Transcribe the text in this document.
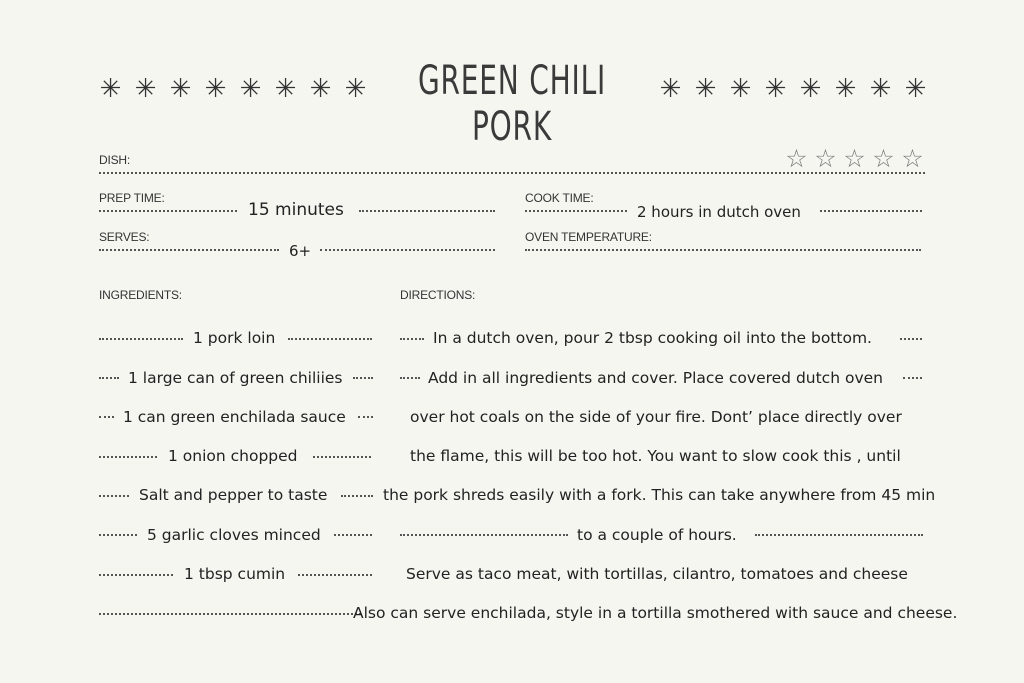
✳ ✳ ✳ ✳ ✳ ✳ ✳ ✳ GREEN CHILI PORK
✳ ✳ ✳ ✳ ✳ ✳ ✳ ✳
DISH:	☆ ☆ ☆ ☆ ☆
PREP TIME:
15 minutes
COOK TIME:
2 hours in dutch oven
SERVES:
6+
OVEN TEMPERATURE:
INGREDIENTS:	DIRECTIONS:
1 pork loin
1 large can of green chiliies
1 can green enchilada sauce
1 onion chopped
Salt and pepper to taste
5 garlic cloves minced
1 tbsp cumin
In a dutch oven, pour 2 tbsp cooking oil into the bottom.
Add in all ingredients and cover. Place covered dutch oven
over hot coals on the side of your fire. Dont’ place directly over
the flame, this will be too hot. You want to slow cook this , until
the pork shreds easily with a fork. This can take anywhere from 45 min
to a couple of hours.
Serve as taco meat, with tortillas, cilantro, tomatoes and cheese
Also can serve enchilada, style in a tortilla smothered with sauce and cheese.
